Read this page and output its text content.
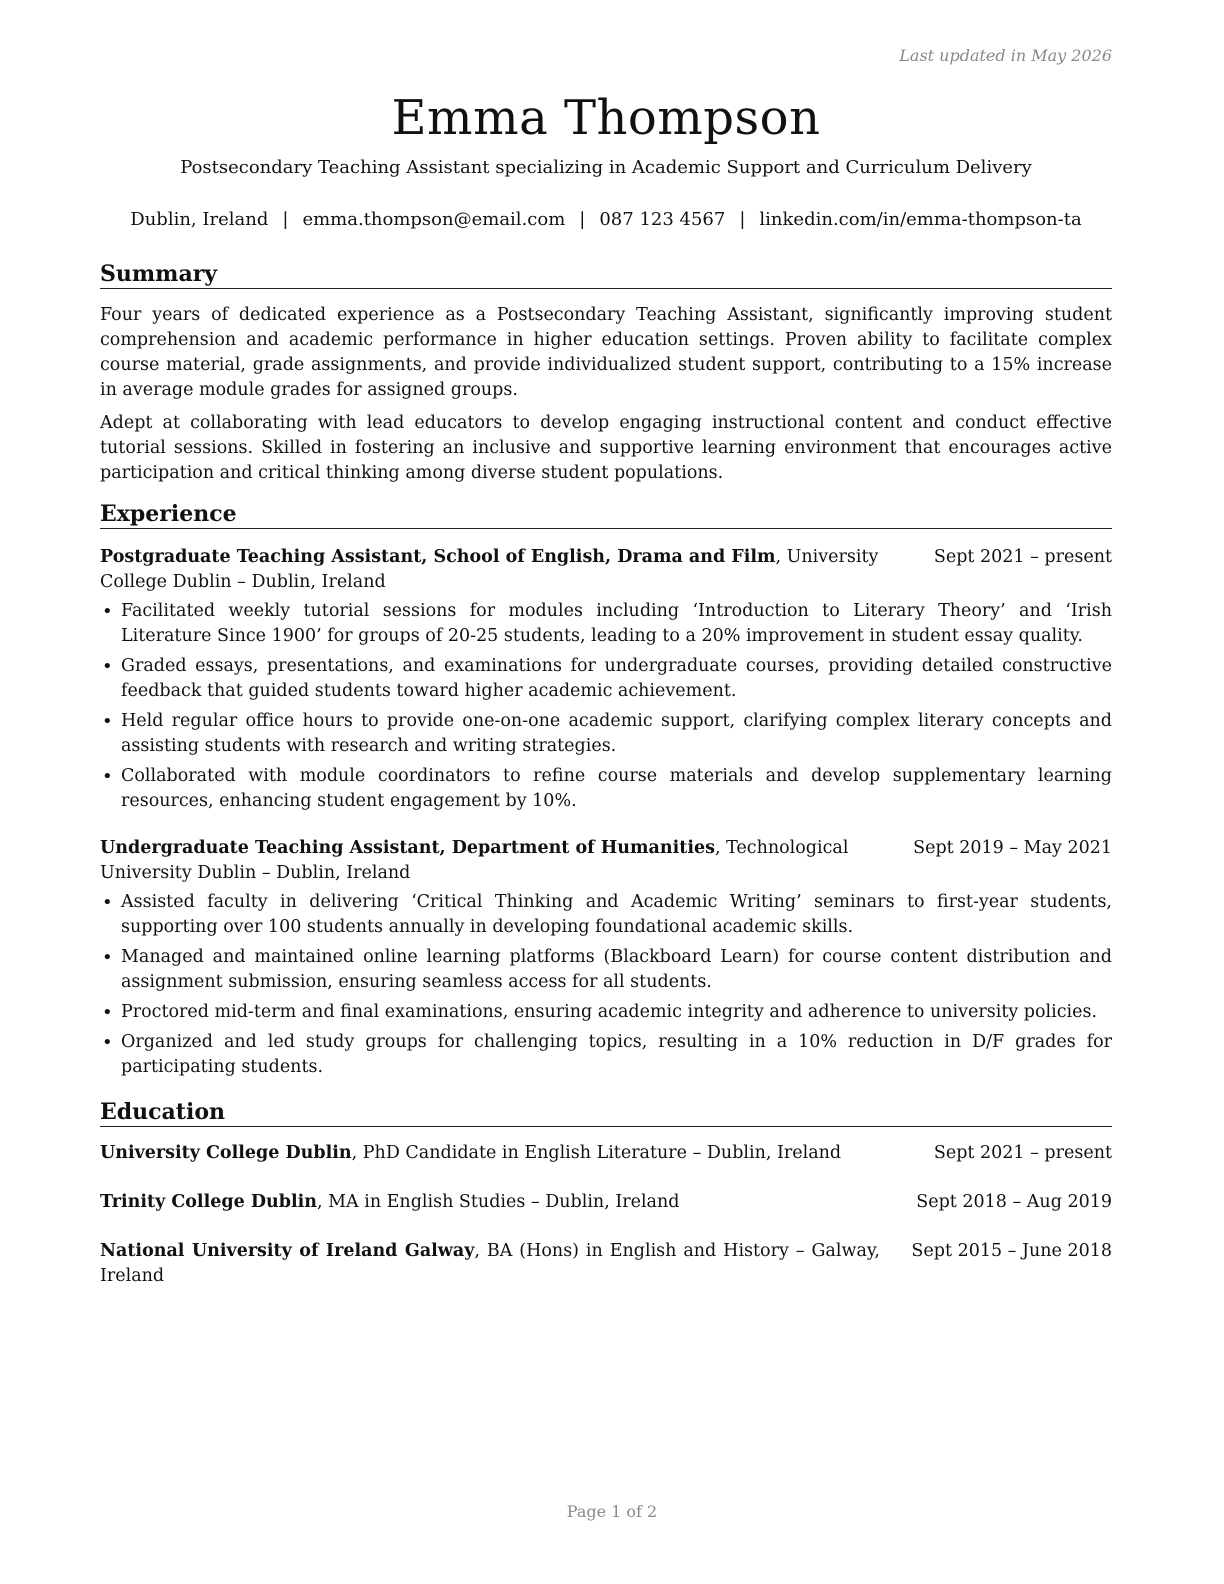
Last updated in May 2026
Emma Thompson
Postsecondary Teaching Assistant specializing in Academic Support and Curriculum Delivery
Dublin, Ireland | emma.thompson@email.com | 087 123 4567 | linkedin.com/in/emma-thompson-ta
Summary

Four years of dedicated experience as a Postsecondary Teaching Assistant, significantly improving student comprehension and academic performance in higher education settings. Proven ability to facilitate complex course material, grade assignments, and provide individualized student support, contributing to a 15% increase in average module grades for assigned groups.

Adept at collaborating with lead educators to develop engaging instructional content and conduct effective tutorial sessions. Skilled in fostering an inclusive and supportive learning environment that encourages active participation and critical thinking among diverse student populations.

Experience
Postgraduate Teaching Assistant, School of English, Drama and Film, University College Dublin – Dublin, Ireland
Sept 2021 – present
• Facilitated weekly tutorial sessions for modules including ‘Introduction to Literary Theory’ and ‘Irish Literature Since 1900’ for groups of 20-25 students, leading to a 20% improvement in student essay quality.
• Graded essays, presentations, and examinations for undergraduate courses, providing detailed constructive feedback that guided students toward higher academic achievement.
• Held regular office hours to provide one-on-one academic support, clarifying complex literary concepts and assisting students with research and writing strategies.
• Collaborated with module coordinators to refine course materials and develop supplementary learning resources, enhancing student engagement by 10%.
Undergraduate Teaching Assistant, Department of Humanities, Technological University Dublin – Dublin, Ireland
Sept 2019 – May 2021
• Assisted faculty in delivering ‘Critical Thinking and Academic Writing’ seminars to first-year students, supporting over 100 students annually in developing foundational academic skills.
• Managed and maintained online learning platforms (Blackboard Learn) for course content distribution and assignment submission, ensuring seamless access for all students.
• Proctored mid-term and final examinations, ensuring academic integrity and adherence to university policies.
• Organized and led study groups for challenging topics, resulting in a 10% reduction in D/F grades for participating students.
Education
University College Dublin, PhD Candidate in English Literature – Dublin, Ireland	Sept 2021 – present
Trinity College Dublin, MA in English Studies – Dublin, Ireland	Sept 2018 – Aug 2019
National University of Ireland Galway, BA (Hons) in English and History – Galway, Ireland
Sept 2015 – June 2018
Page 1 of 2
